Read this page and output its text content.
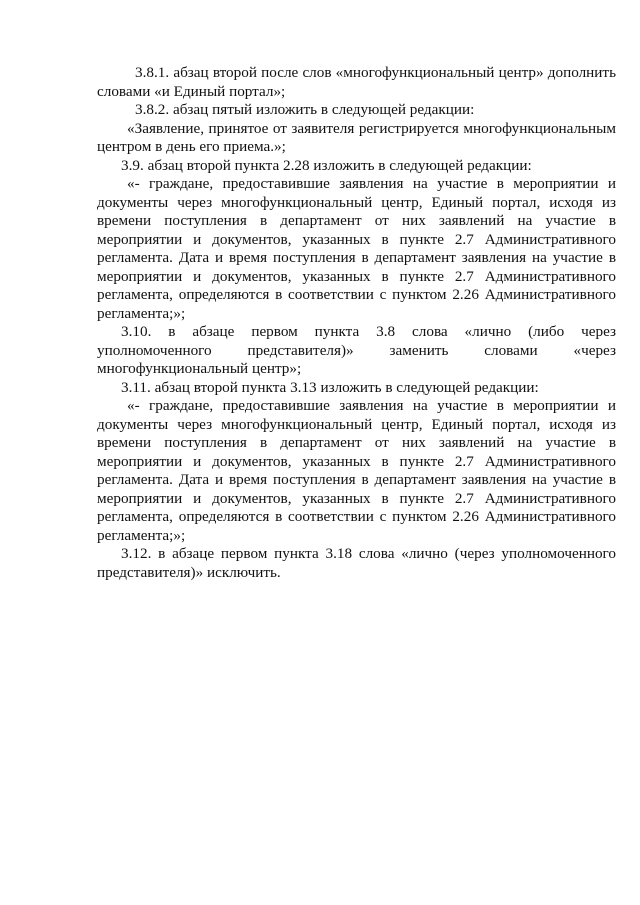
3.8.1. абзац второй после слов «многофункциональный центр» дополнить словами «и Единый портал»;

3.8.2. абзац пятый изложить в следующей редакции:

«Заявление, принятое от заявителя регистрируется многофункциональным центром в день его приема.»;

3.9. абзац второй пункта 2.28 изложить в следующей редакции:

«- граждане, предоставившие заявления на участие в мероприятии и документы через многофункциональный центр, Единый портал, исходя из времени поступления в департамент от них заявлений на участие в мероприятии и документов, указанных в пункте 2.7 Административного регламента. Дата и время поступления в департамент заявления на участие в мероприятии и документов, указанных в пункте 2.7 Административного регламента, определяются в соответствии с пунктом 2.26 Административного регламента;»;

3.10. в абзаце первом пункта 3.8 слова «лично (либо через уполномоченного представителя)» заменить словами «через многофункциональный центр»;

3.11. абзац второй пункта 3.13 изложить в следующей редакции:

«- граждане, предоставившие заявления на участие в мероприятии и документы через многофункциональный центр, Единый портал, исходя из времени поступления в департамент от них заявлений на участие в мероприятии и документов, указанных в пункте 2.7 Административного регламента. Дата и время поступления в департамент заявления на участие в мероприятии и документов, указанных в пункте 2.7 Административного регламента, определяются в соответствии с пунктом 2.26 Административного регламента;»;

3.12. в абзаце первом пункта 3.18 слова «лично (через уполномоченного представителя)» исключить.
